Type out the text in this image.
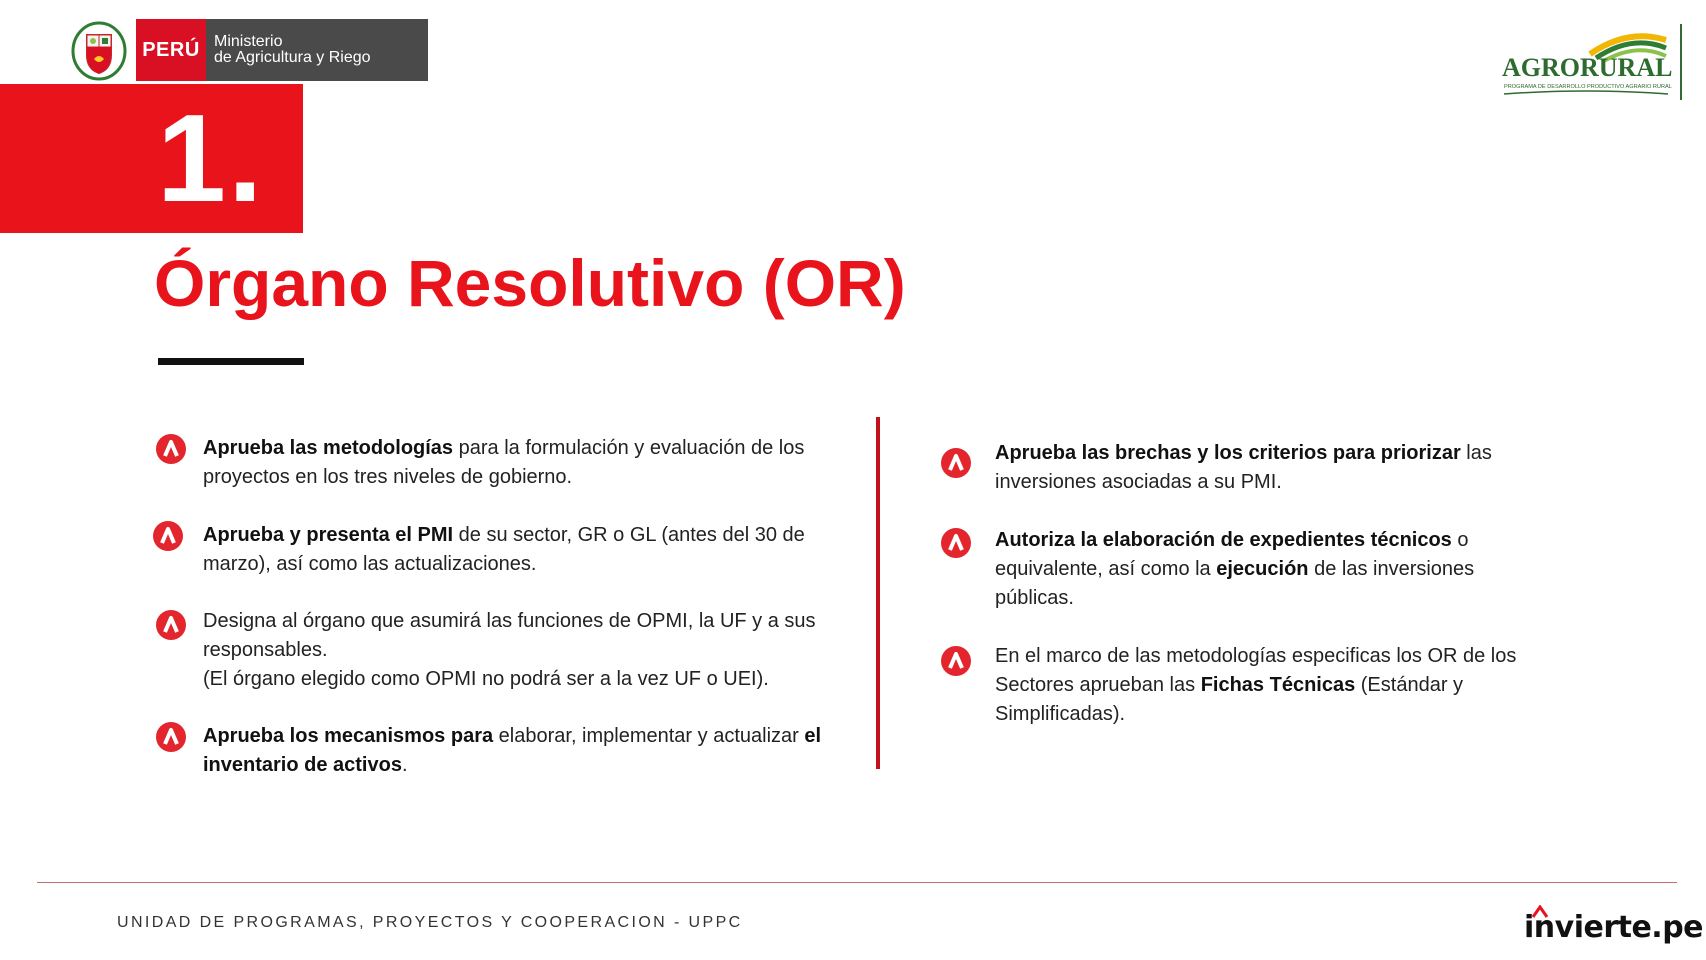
PERÚ Ministerio
de Agricultura y Riego	AGRORURAL
PROGRAMA DE DESARROLLO PRODUCTIVO AGRARIO RURAL
1.
Órgano Resolutivo (OR)
Aprueba las metodologías para la formulación y evaluación de los proyectos en los tres niveles de gobierno.
Aprueba y presenta el PMI de su sector, GR o GL (antes del 30 de marzo), así como las actualizaciones.
Designa al órgano que asumirá las funciones de OPMI, la UF y a sus responsables.
(El órgano elegido como OPMI no podrá ser a la vez UF o UEI).
Aprueba los mecanismos para elaborar, implementar y actualizar el inventario de activos.
Aprueba las brechas y los criterios para priorizar las inversiones asociadas a su PMI.
Autoriza la elaboración de expedientes técnicos o equivalente, así como la ejecución de las inversiones públicas.
En el marco de las metodologías especificas los OR de los Sectores aprueban las Fichas Técnicas (Estándar y Simplificadas).
UNIDAD DE PROGRAMAS, PROYECTOS Y COOPERACION - UPPC	invierte.pe
